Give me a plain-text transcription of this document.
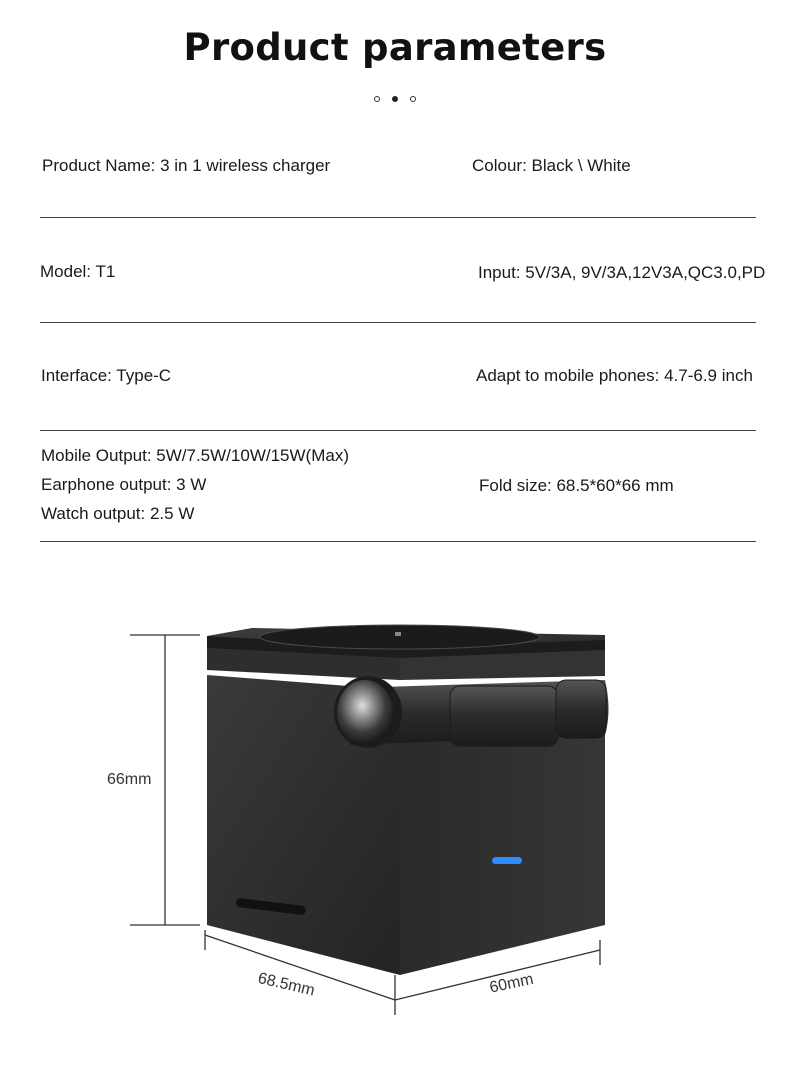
Product parameters
Product Name: 3 in 1 wireless charger	Colour: Black \ White
Model: T1	Input: 5V/3A, 9V/3A,12V3A,QC3.0,PD
Interface: Type-C	Adapt to mobile phones: 4.7-6.9 inch
Mobile Output: 5W/7.5W/10W/15W(Max)
Earphone output: 3 W
Watch output: 2.5 W
Fold size: 68.5*60*66 mm
66mm
68.5mm	60mm
